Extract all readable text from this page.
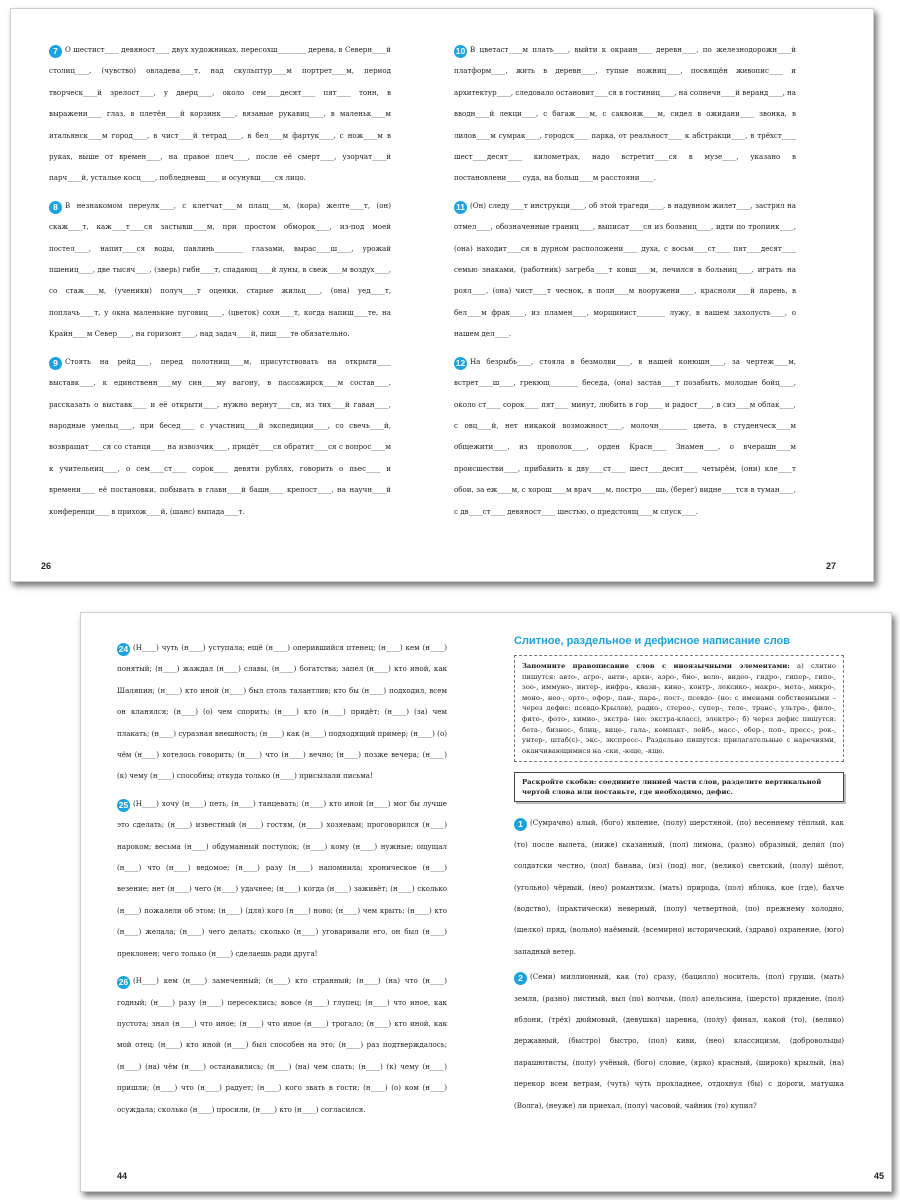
7 О шестист____ девяност____ двух художниках, пересохш________ дерева, в Северн____й столиц____, (чувство) овладева____т, над скульптур____м портрет____м, период творческ____й зрелост____, у дверц____, около сем____десят____ пят____ тонн, в выражени____ глаз, в плетён____й корзинк____, вязаные рукавиц____, в маленьк____м итальянск____м город____, в чист____й тетрад____, в бел____м фартук____, с нож____м в руках, выше от времен____, на правое плеч____, после её смерт____, узорчат____й парч____й, усталые косц____, побледневш____ и осунувш____ся лицо.

8 В незнакомом переулк____, с клетчат____м плащ____м, (кора) желте____т, (он) скаж____т, каж____т____ся застывш____м, при простом обморок____, из-под моей постел____, напит____ся воды, павлинь________ глазами, вырас____ш____, урожай пшениц____, две тысяч____, (зверь) гибн____т, спадающ____й луны, в свеж____м воздух____, со стаж____м, (ученики) получ____т оценки, старые жильц____, (она) уед____т, поплачь____т, у окна маленькие пуговиц____, (цветок) сохн____т, когда напиш____те, на Крайн____м Север____, на горизонт____, над задач____й, пиш____те обязательно.

9 Стоять на рейд____, перед полотнищ____м, присутствовать на открыти____ выставк____, к единственн____му син____му вагону, в пассажирск____м состав____, рассказать о выставк____ и её открыти____, нужно вернут____ся, из тих____й гаван____, народные умельц____, при бесед____ с участниц____й экспедиции____, со свечь____й, возвращат____ся со станци____ на извозчик____, придёт____ся обратит____ся с вопрос____м к учительниц____, о сем____ст____ сорок____ девяти рублях, говорить о пьес____ и времени____ её постановки, побывать в главн____й башн____ крепост____, на научн____й конференци____ в прихож____й, (шанс) выпада____т.

26

10 В цветаст____м плать____, выйти к окраин____ деревн____, по железнодорожн____й платформ____, жить в деревн____, тупые ножниц____, посвящён живопис____ и архитектур____, следовало остановит____ся в гостиниц____, на солнечн____й веранд____, на вводн____й лекци____, с багаж____м, с саквояж____м, сидел в ожидани____ звонка, в лилов____м сумрак____, городск____ парка, от реальност____ к абстракци____, в трёхст____ шест____десят____ километрах, надо встретит____ся в музе____, указано в постановлени____ суда, на больш____м расстояни____.

11 (Он) следу____т инструкци____, об этой трагеди____, в надувном жилет____, застрял на отмел____, обозначенные границ____, выписат____ся из больниц____, идти по тропинк____, (она) находит____ся в дурном расположени____ духа, с восьм____ст____ пят____десят____ семью знаками, (работник) загреба____т ковш____м, лечился в больниц____, играть на роял____, (она) чист____т чеснок, в полн____м вооружени____, красноли____й парень, в бел____м фрак____, из пламен____, морщинист________ лужу, в вашем захолусть____, о нашем дел____.

12 На безрыбь____, стояла в безмолви____, в нашей конюшн____, за чертеж____м, встрет____ш____, грекющ________ беседа, (она) застав____т позабыть, молодые бойц____, около ст____ сорок____ пят____ минут, любить в гор____ и радост____, в сиз____м облак____, с овц____й, нет никакой возможност____, молочн________ цвета, в студенческ____м общежити____, из проволок____, орден Красн____ Знамен____, о вчерашн____м происшестви____, прибавить к дву____ст____ шест____десят____ четырём, (они) кле____т обои, за еж____м, с хорош____м врач____м, постро____шь, (берег) видне____тся в туман____, с дв____ст____ девяност____ шестью, о предстоящ____м спуск____.

27

24 (Н____) чуть (н____) уступала; ещё (н____) оперившийся птенец; (н____) кем (н____) понятый; (н____) жаждал (н____) славы, (н____) богатства; запел (н____) кто иной, как Шаляпин; (н____) кто иной (н____) был столь талантлив; кто бы (н____) подходил, всем он кланялся; (н____) (о) чем спорить; (н____) кто (н____) придёт; (н____) (за) чем плакать; (н____) суразная внешность; (н____) как (н____) подходящий пример; (н____) (о) чём (н____) хотелось говорить; (н____) что (н____) вечно; (н____) позже вечера; (н____) (к) чему (н____) способны; откуда только (н____) присылали письма!

25 (Н____) хочу (н____) петь, (н____) танцевать; (н____) кто иной (н____) мог бы лучше это сделать; (н____) известный (н____) гостям, (н____) хозяевам; проговорился (н____) нароком; весьма (н____) обдуманный поступок; (н____) кому (н____) нужные; ощущал (н____) что (н____) ведомое; (н____) разу (н____) напомнила; хроническое (н____) везение; нет (н____) чего (н____) удачнее; (н____) когда (н____) заживёт; (н____) сколько (н____) пожалели об этом; (н____) (для) кого (н____) ново; (н____) чем крыть; (н____) кто (н____) желала; (н____) чего делать; сколько (н____) уговаривали его, он был (н____) преклонен; чего только (н____) сделаешь ради друга!

26 (Н____) кем (н____) замеченный; (н____) кто странный; (н____) (на) что (н____) годный; (н____) разу (н____) пересеклись; вовсе (н____) глупец; (н____) что иное, как пустота; знал (н____) что иное; (н____) что иное (н____) трогало; (н____) кто иной, как мой отец; (н____) кто иной (н____) был способен на это; (н____) раз подтверждалось; (н____) (на) чём (н____) останавились; (н____) (на) чем спать; (н____) (к) чему (н____) пришли; (н____) что (н____) радует; (н____) кого звать в гости; (н____) (о) ком (н____) осуждала; сколько (н____) просили, (н____) кто (н____) согласился.

44
Слитное, раздельное и дефисное написание слов
Запомните правописание слов с иноязычными элементами: а) слитно пишутся: авто-, агро-, анти-, архи-, аэро-, био-, вело-, видео-, гидро-, гипер-, гипо-, зоо-, иммуно-, интер-, инфра-, квази-, кино-, контр-, лексико-, макро-, мета-, микро-, моно-, нео-, орто-, офор-, пан-, пара-, пост-, псевдо- (но: с именами собственными – через дефис: псевдо-Крылов), радио-, стерео-, супер-, теле-, транс-, ультра-, фило-, фито-, фото-, химио-, экстра- (но: экстра-класс), электро-; б) через дефис пишутся: бета-, бизнес-, блиц-, вице-, гала-, компакт-, лейб-, масс-, обер-, поп-, пресс-, рок-, унтер-, штаб(с)-, экс-, экспресс-. Раздельно пишутся: прилагательные с наречиями, оканчивающимися на -ски, -юще, -яще.
Раскройте скобки: соедините линией части слов, разделите вертикальной чертой слова или поставьте, где необходимо, дефис.

1 (Сумрачно) алый, (бого) явление, (полу) шерстяной, (по) весеннему тёплый, как (то) после вылета, (ниже) сказанный, (пол) лимона, (разно) образный, делил (по) солдатски честно, (пол) банана, (из) (под) ног, (велико) светский, (полу) шёпот, (угольно) чёрный, (нео) романтизм, (мать) природа, (пол) яблока, кое (где), бахче (водство), (практически) неверный, (полу) четвертной, (по) прежнему холодно, (шелко) пряд, (вольно) наёмный, (всемирно) исторический, (здраво) охранение, (юго) западный ветер.

2 (Семи) миллионный, как (то) сразу, (бацилло) носитель, (пол) груши, (мать) земля, (разно) листный, выл (по) волчьи, (пол) апельсина, (шерсто) прядение, (пол) яблони, (трёх) дюймовый, (девушка) царевна, (полу) финал, какой (то), (велико) державный, (быстро) быстро, (пол) киви, (нео) классицизм, (добровольцы) парашютисты, (полу) учёный, (бого) словие, (ярко) красный, (широко) крылый, (на) перекор всем ветрам, (чуть) чуть прохладнее, отдохнул (бы) с дороги, матушка (Волга), (неуже) ли приехал, (полу) часовой, чайник (то) купил?

45
